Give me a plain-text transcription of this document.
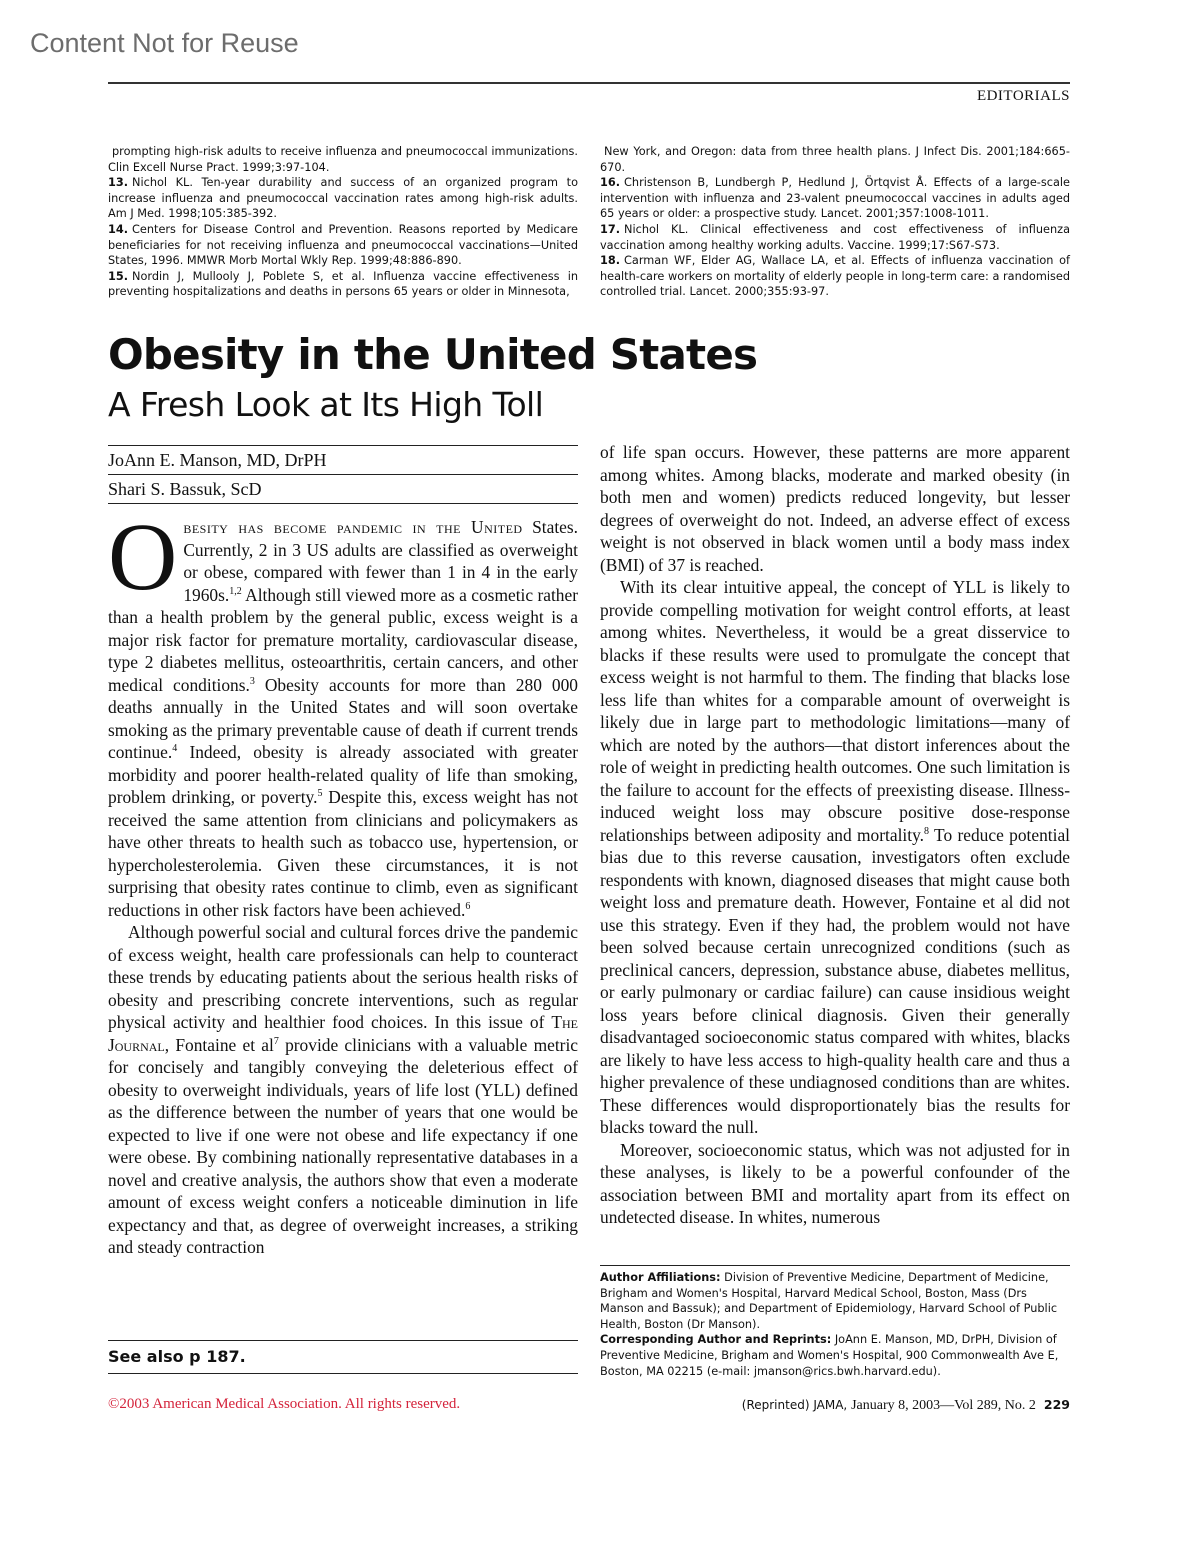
Content Not for Reuse
EDITORIALS
prompting high-risk adults to receive influenza and pneumococcal immunizations. Clin Excell Nurse Pract. 1999;3:97-104.
13. Nichol KL. Ten-year durability and success of an organized program to increase influenza and pneumococcal vaccination rates among high-risk adults. Am J Med. 1998;105:385-392.
14. Centers for Disease Control and Prevention. Reasons reported by Medicare beneficiaries for not receiving influenza and pneumococcal vaccinations—United States, 1996. MMWR Morb Mortal Wkly Rep. 1999;48:886-890.
15. Nordin J, Mullooly J, Poblete S, et al. Influenza vaccine effectiveness in preventing hospitalizations and deaths in persons 65 years or older in Minnesota,
New York, and Oregon: data from three health plans. J Infect Dis. 2001;184:665-670.
16. Christenson B, Lundbergh P, Hedlund J, Örtqvist Å. Effects of a large-scale intervention with influenza and 23-valent pneumococcal vaccines in adults aged 65 years or older: a prospective study. Lancet. 2001;357:1008-1011.
17. Nichol KL. Clinical effectiveness and cost effectiveness of influenza vaccination among healthy working adults. Vaccine. 1999;17:S67-S73.
18. Carman WF, Elder AG, Wallace LA, et al. Effects of influenza vaccination of health-care workers on mortality of elderly people in long-term care: a randomised controlled trial. Lancet. 2000;355:93-97.
Obesity in the United States
A Fresh Look at Its High Toll
JoAnn E. Manson, MD, DrPH
Shari S. Bassuk, ScD

Obesity has become pandemic in the United States. Currently, 2 in 3 US adults are classified as overweight or obese, compared with fewer than 1 in 4 in the early 1960s.$^{1,2}$ Although still viewed more as a cosmetic rather than a health problem by the general public, excess weight is a major risk factor for premature mortality, cardiovascular disease, type 2 diabetes mellitus, osteoarthritis, certain cancers, and other medical conditions.$^3$ Obesity accounts for more than 280 000 deaths annually in the United States and will soon overtake smoking as the primary preventable cause of death if current trends continue.$^4$ Indeed, obesity is already associated with greater morbidity and poorer health-related quality of life than smoking, problem drinking, or poverty.$^5$ Despite this, excess weight has not received the same attention from clinicians and policymakers as have other threats to health such as tobacco use, hypertension, or hypercholesterolemia. Given these circumstances, it is not surprising that obesity rates continue to climb, even as significant reductions in other risk factors have been achieved.$^6$

Although powerful social and cultural forces drive the pandemic of excess weight, health care professionals can help to counteract these trends by educating patients about the serious health risks of obesity and prescribing concrete interventions, such as regular physical activity and healthier food choices. In this issue of The Journal, Fontaine et $al^7$ provide clinicians with a valuable metric for concisely and tangibly conveying the deleterious effect of obesity to overweight individuals, years of life lost (YLL) defined as the difference between the number of years that one would be expected to live if one were not obese and life expectancy if one were obese. By combining nationally representative databases in a novel and creative analysis, the authors show that even a moderate amount of excess weight confers a noticeable diminution in life expectancy and that, as degree of overweight increases, a striking and steady contraction

of life span occurs. However, these patterns are more apparent among whites. Among blacks, moderate and marked obesity (in both men and women) predicts reduced longevity, but lesser degrees of overweight do not. Indeed, an adverse effect of excess weight is not observed in black women until a body mass index (BMI) of 37 is reached.

With its clear intuitive appeal, the concept of YLL is likely to provide compelling motivation for weight control efforts, at least among whites. Nevertheless, it would be a great disservice to blacks if these results were used to promulgate the concept that excess weight is not harmful to them. The finding that blacks lose less life than whites for a comparable amount of overweight is likely due in large part to methodologic limitations—many of which are noted by the authors—that distort inferences about the role of weight in predicting health outcomes. One such limitation is the failure to account for the effects of preexisting disease. Illness-induced weight loss may obscure positive dose-response relationships between adiposity and mortality.$^8$ To reduce potential bias due to this reverse causation, investigators often exclude respondents with known, diagnosed diseases that might cause both weight loss and premature death. However, Fontaine et al did not use this strategy. Even if they had, the problem would not have been solved because certain unrecognized conditions (such as preclinical cancers, depression, substance abuse, diabetes mellitus, or early pulmonary or cardiac failure) can cause insidious weight loss years before clinical diagnosis. Given their generally disadvantaged socioeconomic status compared with whites, blacks are likely to have less access to high-quality health care and thus a higher prevalence of these undiagnosed conditions than are whites. These differences would disproportionately bias the results for blacks toward the null.

Moreover, socioeconomic status, which was not adjusted for in these analyses, is likely to be a powerful confounder of the association between BMI and mortality apart from its effect on undetected disease. In whites, numerous

Author Affiliations: Division of Preventive Medicine, Department of Medicine, Brigham and Women's Hospital, Harvard Medical School, Boston, Mass (Drs Manson and Bassuk); and Department of Epidemiology, Harvard School of Public Health, Boston (Dr Manson).

Corresponding Author and Reprints: JoAnn E. Manson, MD, DrPH, Division of Preventive Medicine, Brigham and Women's Hospital, 900 Commonwealth Ave E, Boston, MA 02215 (e-mail: jmanson@rics.bwh.harvard.edu).

See also p 187.
©2003 American Medical Association. All rights reserved.	(Reprinted) JAMA, January 8, 2003—Vol 289, No. 2 229
